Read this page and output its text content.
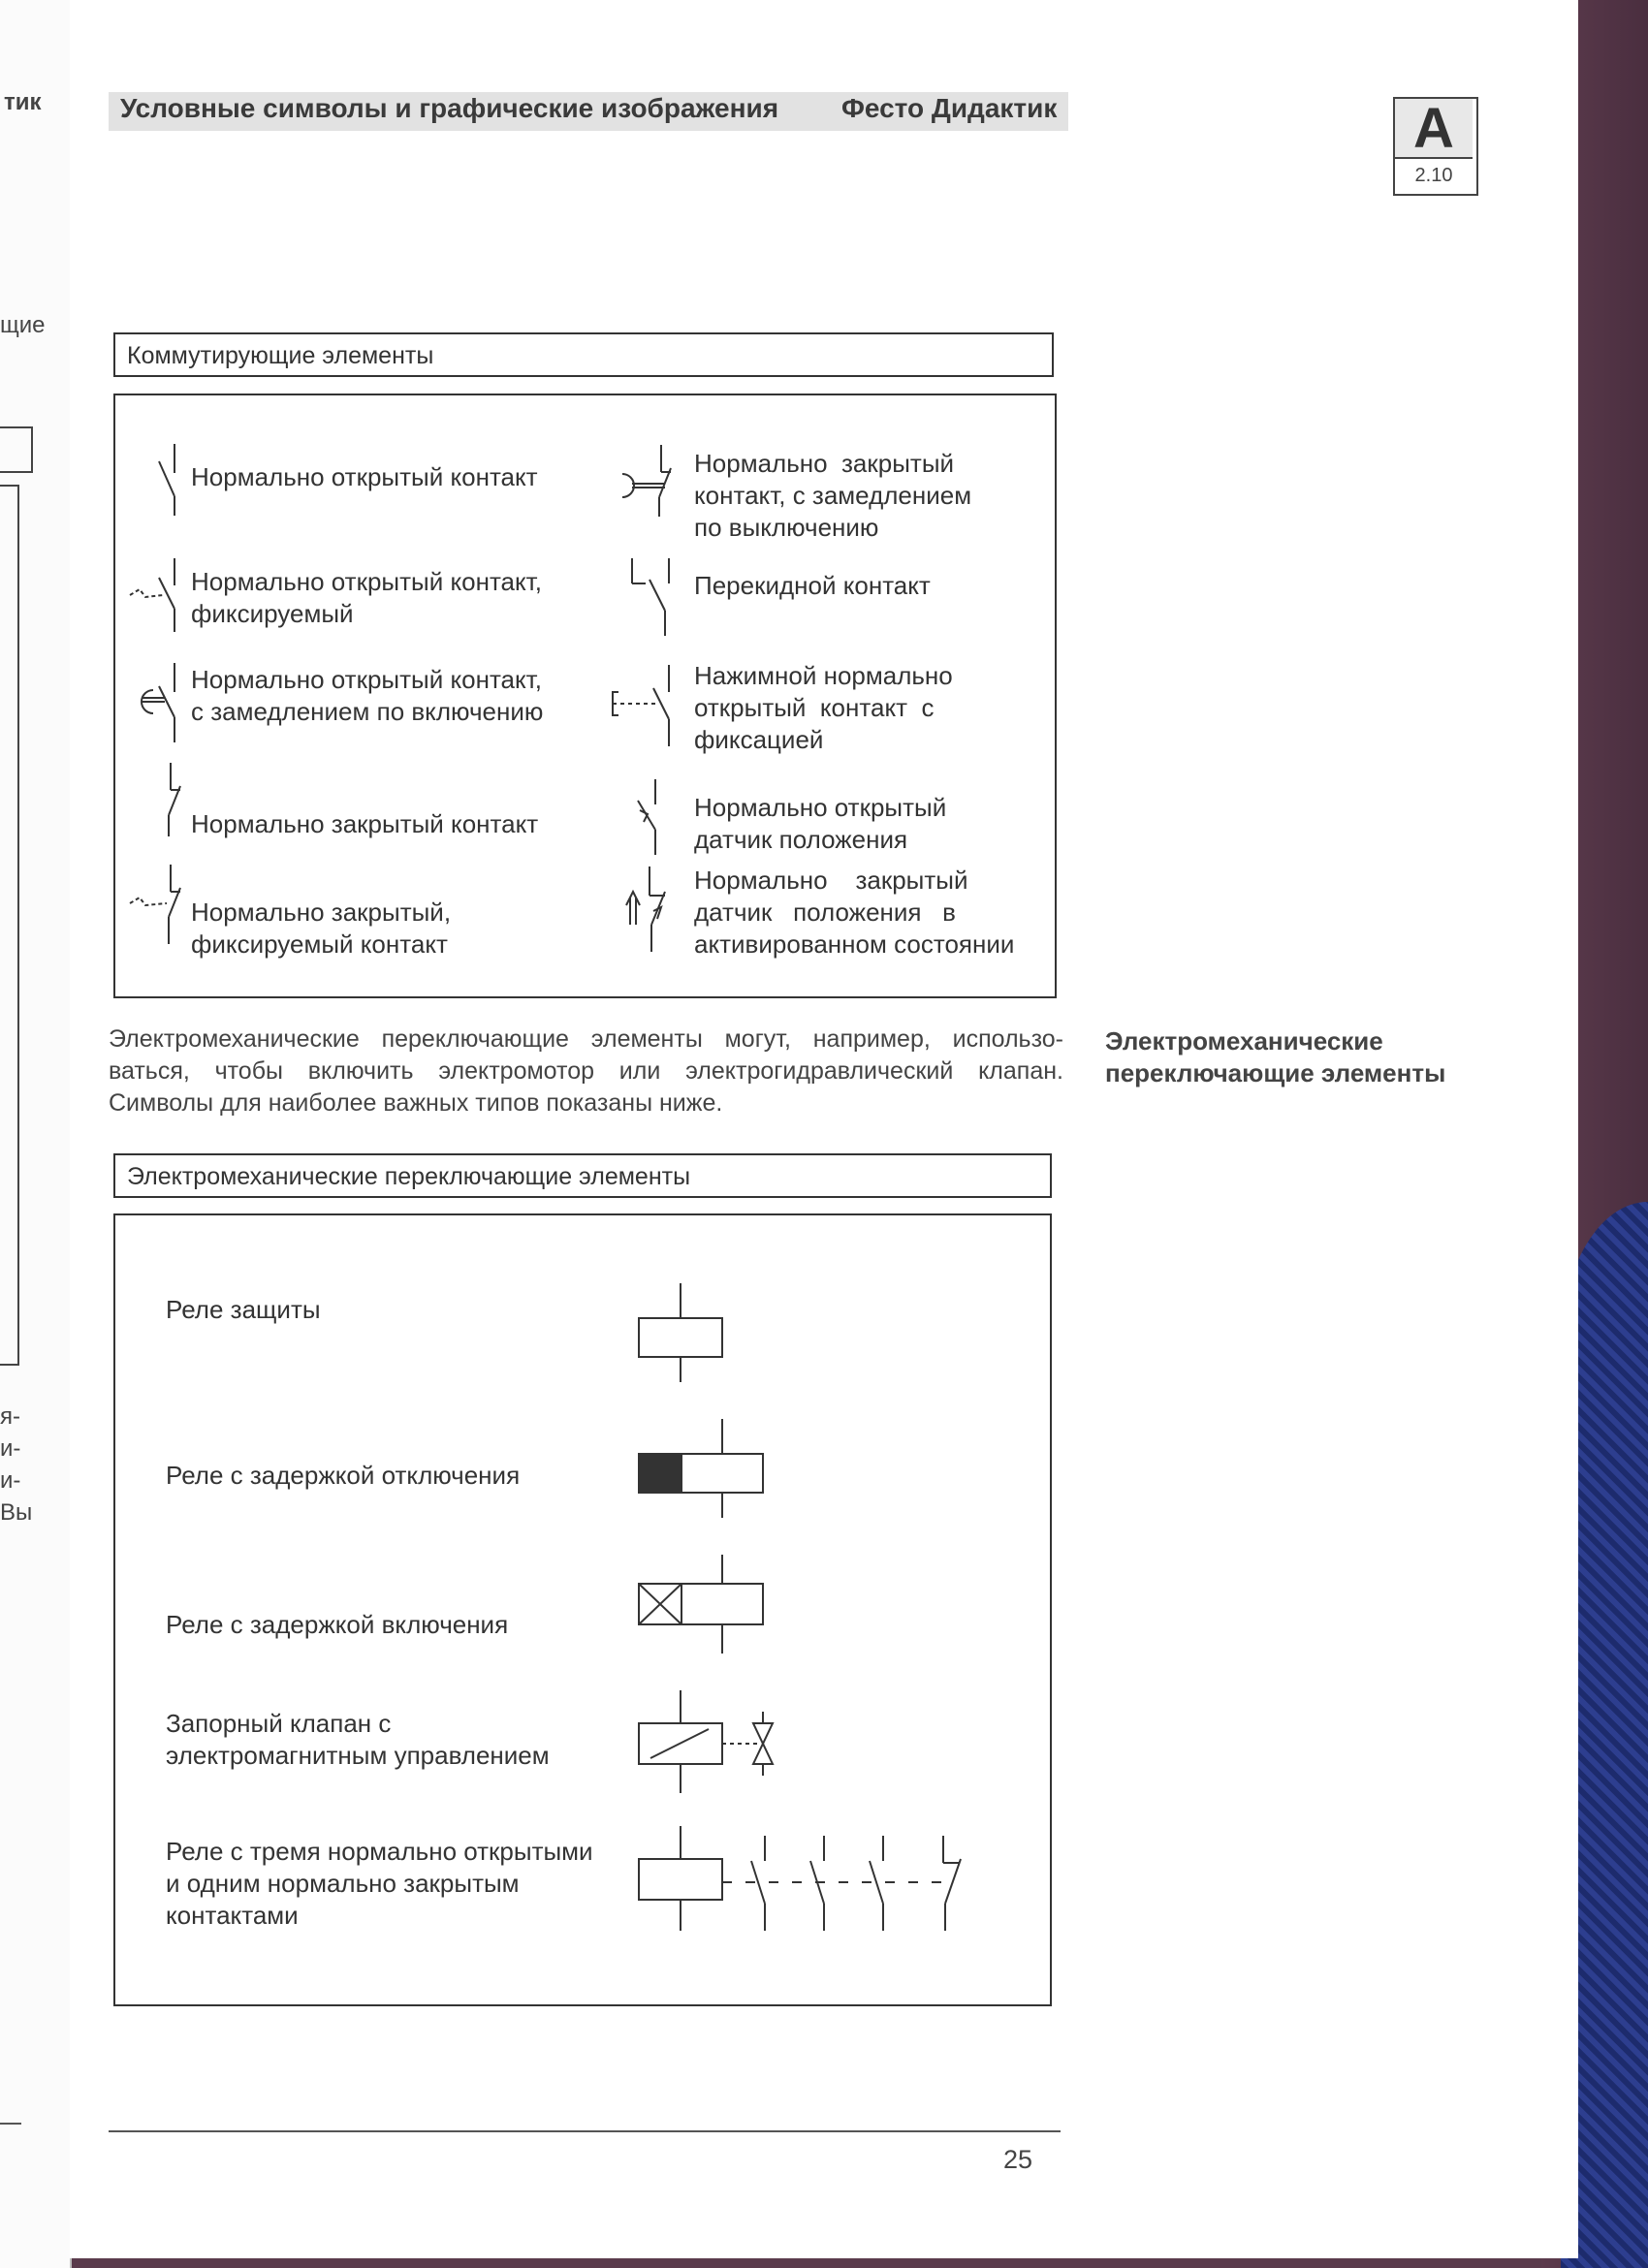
тик
щие
я-
и-
и-
Вы
Условные символы и графические изображения Фесто Дидактик	A
2.10
Коммутирующие элементы
Нормально открытый контакт
Нормально открытый контакт,
фиксируемый
Нормально открытый контакт,
с замедлением по включению
Нормально закрытый контакт
Нормально закрытый,
фиксируемый контакт
Нормально  закрытый
контакт, с замедлением
по выключению
Перекидной контакт
Нажимной нормально
открытый  контакт  с
фиксацией
Нормально открытый
датчик положения
Нормально    закрытый
датчик   положения   в
активированном состоянии
Электромеханические переключающие элементы могут, например, использо-ваться, чтобы включить электромотор или электрогидравлический клапан. Символы для наиболее важных типов показаны ниже.
Электромеханические переключающие элементы
Электромеханические переключающие элементы
Реле защиты
Реле с задержкой отключения
Реле с задержкой включения
Запорный клапан с
электромагнитным управлением
Реле с тремя нормально открытыми
и одним нормально закрытым
контактами
25
